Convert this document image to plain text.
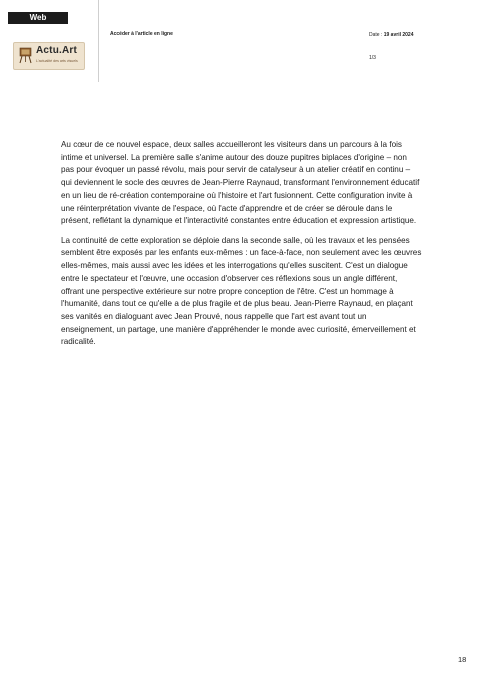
Web
Actu.Art
L'actualité des arts visuels
Accéder à l'article en ligne	Date : 19 avril 2024
1/3

Au cœur de ce nouvel espace, deux salles accueilleront les visiteurs dans un parcours à la fois intime et universel. La première salle s'anime autour des douze pupitres biplaces d'origine – non pas pour évoquer un passé révolu, mais pour servir de catalyseur à un atelier créatif en continu – qui deviennent le socle des œuvres de Jean-Pierre Raynaud, transformant l'environnement éducatif en un lieu de ré-création contemporaine où l'histoire et l'art fusionnent. Cette configuration invite à une réinterprétation vivante de l'espace, où l'acte d'apprendre et de créer se déroule dans le présent, reflétant la dynamique et l'interactivité constantes entre éducation et expression artistique.

La continuité de cette exploration se déploie dans la seconde salle, où les travaux et les pensées semblent être exposés par les enfants eux-mêmes : un face-à-face, non seulement avec les œuvres elles-mêmes, mais aussi avec les idées et les interrogations qu'elles suscitent. C'est un dialogue entre le spectateur et l'œuvre, une occasion d'observer ces réflexions sous un angle différent, offrant une perspective extérieure sur notre propre conception de l'être. C'est un hommage à l'humanité, dans tout ce qu'elle a de plus fragile et de plus beau. Jean-Pierre Raynaud, en plaçant ses vanités en dialoguant avec Jean Prouvé, nous rappelle que l'art est avant tout un enseignement, un partage, une manière d'appréhender le monde avec curiosité, émerveillement et radicalité.

18
